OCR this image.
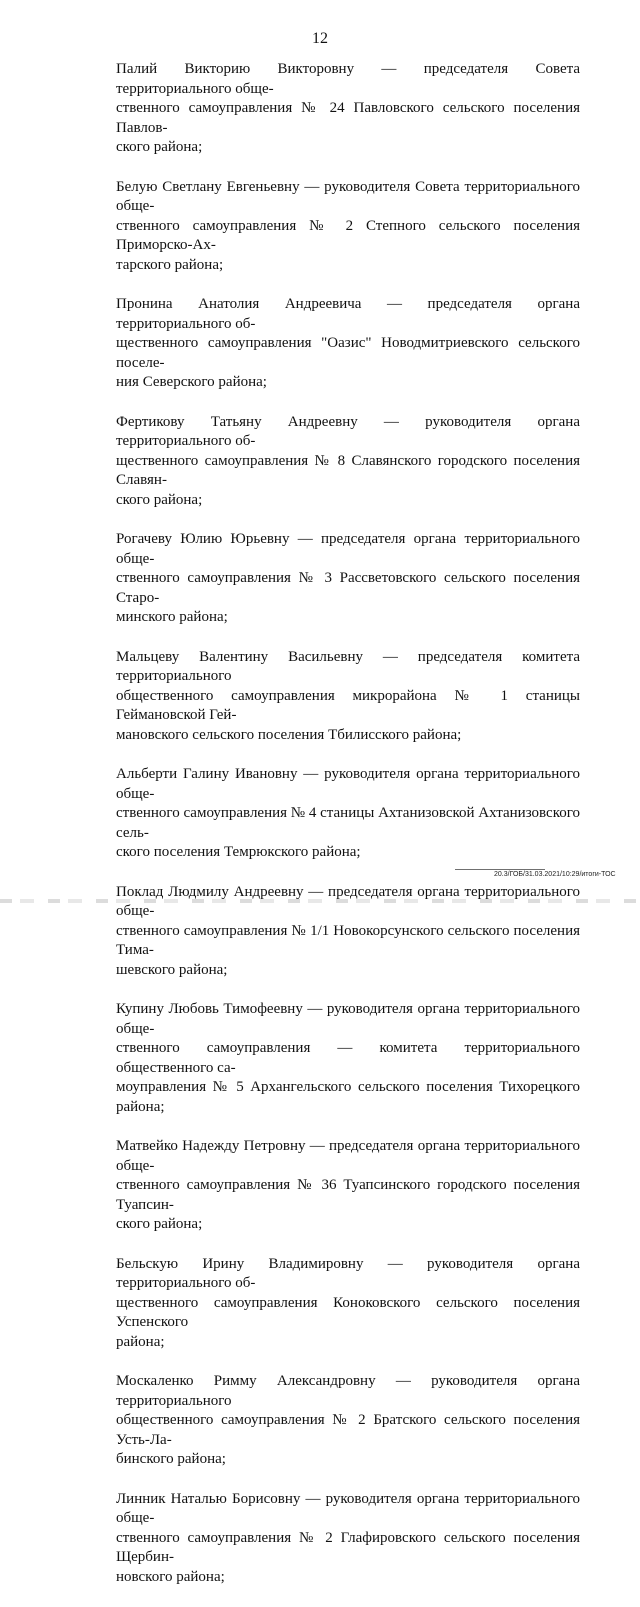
12

Палий Викторию Викторовну — председателя Совета территориального обще-
ственного самоуправления № 24 Павловского сельского поселения Павлов-
ского района;

Белую Светлану Евгеньевну — руководителя Совета территориального обще-
ственного самоуправления № 2 Степного сельского поселения Приморско-Ах-
тарского района;

Пронина Анатолия Андреевича — председателя органа территориального об-
щественного самоуправления "Оазис" Новодмитриевского сельского поселе-
ния Северского района;

Фертикову Татьяну Андреевну — руководителя органа территориального об-
щественного самоуправления № 8 Славянского городского поселения Славян-
ского района;

Рогачеву Юлию Юрьевну — председателя органа территориального обще-
ственного самоуправления № 3 Рассветовского сельского поселения Старо-
минского района;

Мальцеву Валентину Васильевну — председателя комитета территориального
общественного самоуправления микрорайона № 1 станицы Геймановской Гей-
мановского сельского поселения Тбилисского района;

Альберти Галину Ивановну — руководителя органа территориального обще-
ственного самоуправления № 4 станицы Ахтанизовской Ахтанизовского сель-
ского поселения Темрюкского района;

Поклад Людмилу Андреевну — председателя органа территориального обще-
ственного самоуправления № 1/1 Новокорсунского сельского поселения Тима-
шевского района;

Купину Любовь Тимофеевну — руководителя органа территориального обще-
ственного самоуправления — комитета территориального общественного са-
моуправления № 5 Архангельского сельского поселения Тихорецкого района;

Матвейко Надежду Петровну — председателя органа территориального обще-
ственного самоуправления № 36 Туапсинского городского поселения Туапсин-
ского района;

Бельскую Ирину Владимировну — руководителя органа территориального об-
щественного самоуправления Коноковского сельского поселения Успенского
района;

Москаленко Римму Александровну — руководителя органа территориального
общественного самоуправления № 2 Братского сельского поселения Усть-Ла-
бинского района;

Линник Наталью Борисовну — руководителя органа территориального обще-
ственного самоуправления № 2 Глафировского сельского поселения Щербин-
новского района;

20.3/ГОБ/31.03.2021/10:29/итоги-ТОС
